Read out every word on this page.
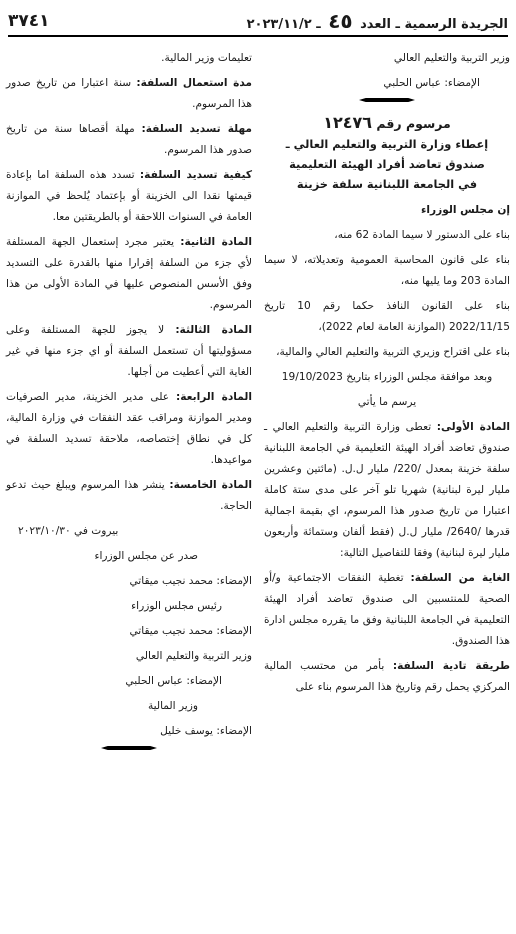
الجريدة الرسمية ـ العدد ٤٥ ـ ٢٠٢٣/١١/٢
٣٧٤١

وزير التربية والتعليم العالي

الإمضاء: عباس الحلبي

مرسوم رقم ١٢٤٧٦
إعطاء وزارة التربية والتعليم العالي ـ
صندوق تعاضد أفراد الهيئة التعليمية
في الجامعة اللبنانية سلفة خزينة

إن مجلس الوزراء

بناء على الدستور لا سيما المادة 62 منه،

بناء على قانون المحاسبة العمومية وتعديلاته، لا سيما المادة 203 وما يليها منه،

بناء على القانون النافذ حكما رقم 10 تاريخ 2022/11/15 (الموازنة العامة لعام 2022)،

بناء على اقتراح وزيري التربية والتعليم العالي والمالية،

وبعد موافقة مجلس الوزراء بتاريخ 19/10/2023

يرسم ما يأتي

المادة الأولى: تعطى وزارة التربية والتعليم العالي ـ صندوق تعاضد أفراد الهيئة التعليمية في الجامعة اللبنانية سلفة خزينة بمعدل /220/ مليار ل.ل. (مائتين وعشرين مليار ليرة لبنانية) شهريا تلو آخر على مدى ستة كاملة اعتبارا من تاريخ صدور هذا المرسوم، اي بقيمة اجمالية قدرها /2640/ مليار ل.ل (فقط ألفان وستمائة وأربعون مليار ليرة لبنانية) وفقا للتفاصيل التالية:

الغاية من السلفة: تغطية النفقات الاجتماعية و/أو الصحية للمنتسبين الى صندوق تعاضد أفراد الهيئة التعليمية في الجامعة اللبنانية وفق ما يقرره مجلس ادارة هذا الصندوق.

طريقة تادية السلفة: بأمر من محتسب المالية المركزي يحمل رقم وتاريخ هذا المرسوم بناء على

تعليمات وزير المالية.

مدة استعمال السلفة: سنة اعتبارا من تاريخ صدور هذا المرسوم.

مهلة تسديد السلفة: مهلة أقصاها سنة من تاريخ صدور هذا المرسوم.

كيفية تسديد السلفة: تسدد هذه السلفة اما بإعادة قيمتها نقدا الى الخزينة أو بإعتماد يُلحظ في الموازنة العامة في السنوات اللاحقة أو بالطريقتين معا.

المادة الثانية: يعتبر مجرد إستعمال الجهة المستلفة لأي جزء من السلفة إقرارا منها بالقدرة على التسديد وفق الأسس المنصوص عليها في المادة الأولى من هذا المرسوم.

المادة الثالثة: لا يجوز للجهة المستلفة وعلى مسؤوليتها أن تستعمل السلفة أو اي جزء منها في غير الغاية التي أعطيت من أجلها.

المادة الرابعة: على مدير الخزينة، مدير الصرفيات ومدير الموازنة ومراقب عقد النفقات في وزارة المالية، كل في نطاق إختصاصه، ملاحقة تسديد السلفة في مواعيدها.

المادة الخامسة: ينشر هذا المرسوم ويبلغ حيث تدعو الحاجة.

بيروت في ٢٠٢٣/١٠/٣٠

صدر عن مجلس الوزراء

الإمضاء: محمد نجيب ميقاتي

رئيس مجلس الوزراء

الإمضاء: محمد نجيب ميقاتي

وزير التربية والتعليم العالي

الإمضاء: عباس الحلبي

وزير المالية

الإمضاء: يوسف خليل
